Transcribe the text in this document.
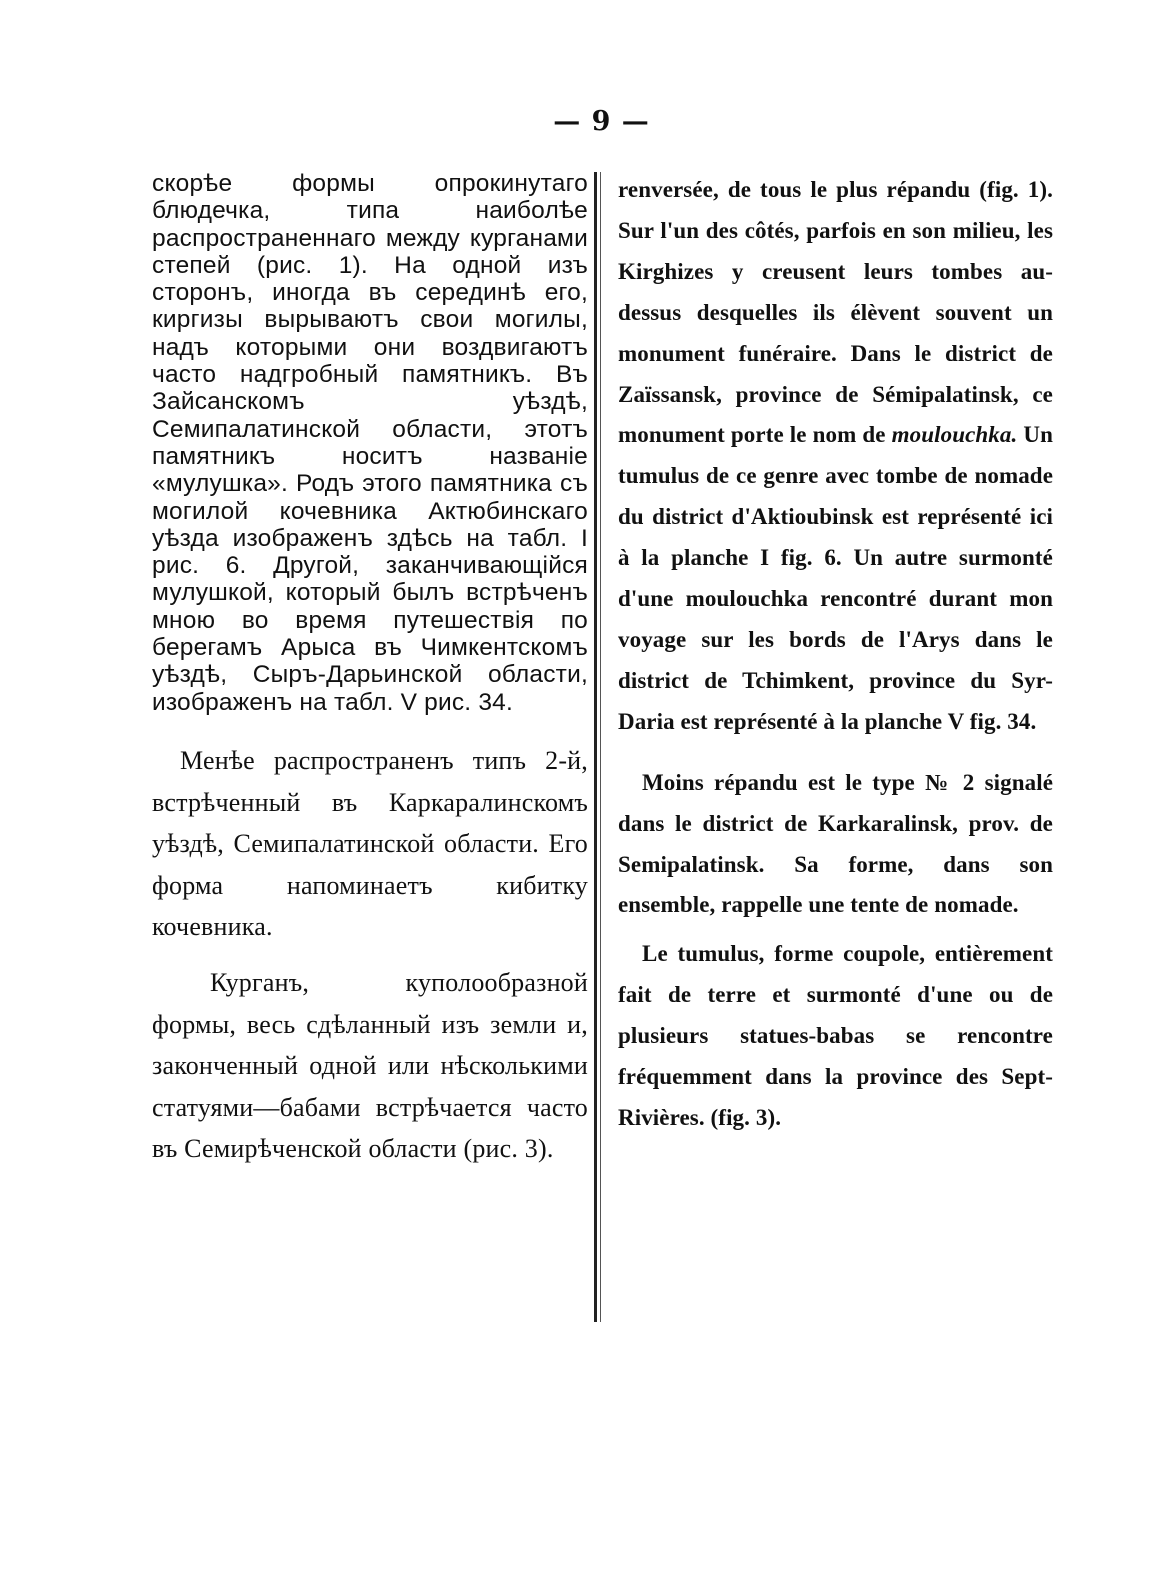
— 9 —

скорѣе формы опрокинутаго блюдечка, типа наиболѣе распространеннаго между курганами степей (рис. 1). На одной изъ сторонъ, иногда въ серединѣ его, киргизы вырываютъ свои могилы, надъ которыми они воздвигаютъ часто надгробный памятникъ. Въ Зайсанскомъ уѣздѣ, Семипалатинской области, этотъ памятникъ носитъ названіе «мулушка». Родъ этого памятника съ могилой кочевника Актюбинскаго уѣзда изображенъ здѣсь на табл. I рис. 6. Другой, заканчивающійся мулушкой, который былъ встрѣченъ мною во время путешествія по берегамъ Арыса въ Чимкентскомъ уѣздѣ, Сыръ-Дарьинской области, изображенъ на табл. V рис. 34.

Менѣе распространенъ типъ 2-й, встрѣченный въ Каркаралинскомъ уѣздѣ, Семипалатинской области. Его форма напоминаетъ кибитку кочевника.

Курганъ, куполообразной формы, весь сдѣланный изъ земли и, законченный одной или нѣсколькими статуями—бабами встрѣчается часто въ Семирѣченской области (рис. 3).

renversée, de tous le plus répandu (fig. 1). Sur l'un des côtés, parfois en son milieu, les Kirghizes y creusent leurs tombes au-dessus desquelles ils élèvent souvent un monument funéraire. Dans le district de Zaïssansk, province de Sémipalatinsk, ce monument porte le nom de moulouchka. Un tumulus de ce genre avec tombe de nomade du district d'Aktioubinsk est représenté ici à la planche I fig. 6. Un autre surmonté d'une moulouchka rencontré durant mon voyage sur les bords de l'Arys dans le district de Tchimkent, province du Syr-Daria est représenté à la planche V fig. 34.

Moins répandu est le type № 2 signalé dans le district de Karkaralinsk, prov. de Semipalatinsk. Sa forme, dans son ensemble, rappelle une tente de nomade.

Le tumulus, forme coupole, entièrement fait de terre et surmonté d'une ou de plusieurs statues-babas se rencontre fréquemment dans la province des Sept-Rivières. (fig. 3).
